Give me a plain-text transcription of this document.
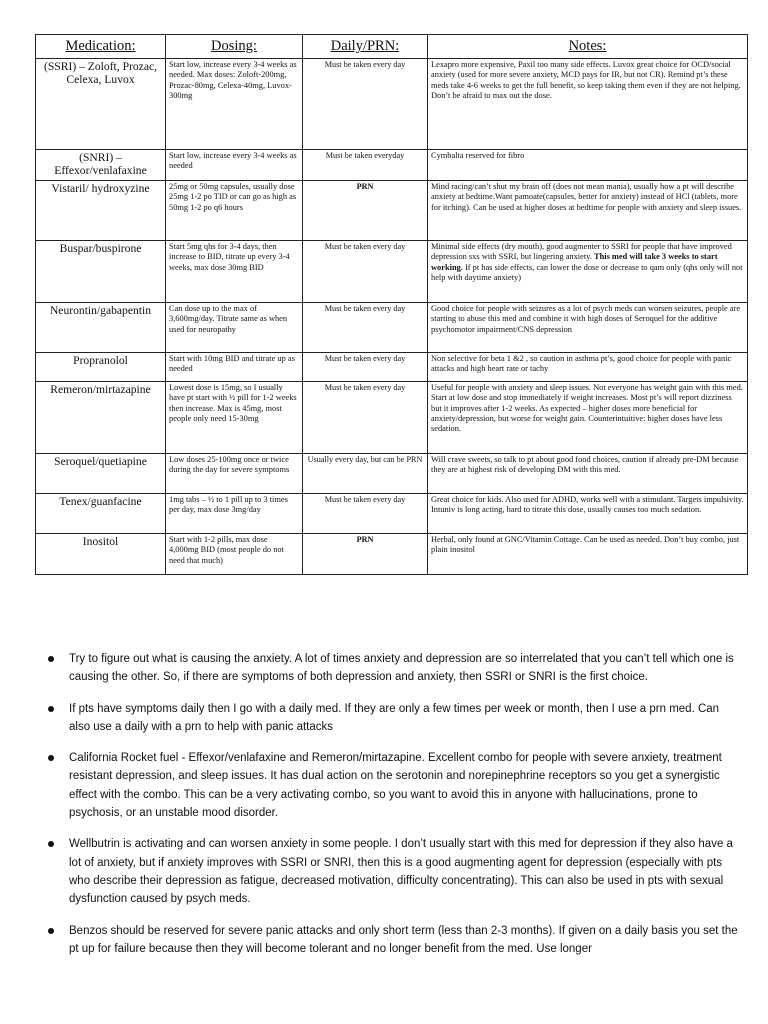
Medication:	Dosing:	Daily/PRN:	Notes:
(SSRI) – Zoloft, Prozac, Celexa, Luvox	Start low, increase every 3-4 weeks as needed. Max doses: Zoloft-200mg, Prozac-80mg, Celexa-40mg, Luvox-300mg	Must be taken every day	Lexapro more expensive, Paxil too many side effects. Luvox great choice for OCD/social anxiety (used for more severe anxiety, MCD pays for IR, but not CR). Remind pt’s these meds take 4-6 weeks to get the full benefit, so keep taking them even if they are not helping. Don’t be afraid to max out the dose.
(SNRI) – Effexor/venlafaxine	Start low, increase every 3-4 weeks as needed	Must be taken everyday	Cymbalta reserved for fibro
Vistaril/ hydroxyzine	25mg or 50mg capsules, usually dose 25mg 1-2 po TID or can go as high as 50mg 1-2 po q6 hours	PRN	Mind racing/can’t shut my brain off (does not mean mania), usually how a pt will describe anxiety at bedtime.Want pamoate(capsules, better for anxiety) instead of HCl (tablets, more for itching). Can be used at higher doses at bedtime for people with anxiety and sleep issues.
Buspar/buspirone	Start 5mg qhs for 3-4 days, then increase to BID, titrate up every 3-4 weeks, max dose 30mg BID	Must be taken every day	Minimal side effects (dry mouth), good augmenter to SSRI for people that have improved depression sxs with SSRI, but lingering anxiety. This med will take 3 weeks to start working. If pt has side effects, can lower the dose or decrease to qam only (qhs only will not help with daytime anxiety)
Neurontin/gabapentin	Can dose up to the max of 3,600mg/day. Titrate same as when used for neuropathy	Must be taken every day	Good choice for people with seizures as a lot of psych meds can worsen seizures, people are starting to abuse this med and combine it with high doses of Seroquel for the additive psychomotor impairment/CNS depression
Propranolol	Start with 10mg BID and titrate up as needed	Must be taken every day	Non selective for beta 1 &2 , so caution in asthma pt’s, good choice for people with panic attacks and high heart rate or tachy
Remeron/mirtazapine	Lowest dose is 15mg, so I usually have pt start with ½ pill for 1-2 weeks then increase. Max is 45mg, most people only need 15-30mg	Must be taken every day	Useful for people with anxiety and sleep issues. Not everyone has weight gain with this med. Start at low dose and stop immediately if weight increases. Most pt’s will report dizziness but it improves after 1-2 weeks. As expected – higher doses more beneficial for anxiety/depression, but worse for weight gain. Counterintuitive: higher doses have less sedation.
Seroquel/quetiapine	Low doses 25-100mg once or twice during the day for severe symptoms	Usually every day, but can be PRN	Will crave sweets, so talk to pt about good food choices, caution if already pre-DM because they are at highest risk of developing DM with this med.
Tenex/guanfacine	1mg tabs – ½ to 1 pill up to 3 times per day, max dose 3mg/day	Must be taken every day	Great choice for kids. Also used for ADHD, works well with a stimulant. Targets impulsivity. Intuniv is long acting, hard to titrate this dose, usually causes too much sedation.
Inositol	Start with 1-2 pills, max dose 4,000mg BID (most people do not need that much)	PRN	Herbal, only found at GNC/Vitamin Cottage. Can be used as needed. Don’t buy combo, just plain inositol
Try to figure out what is causing the anxiety. A lot of times anxiety and depression are so interrelated that you can’t tell which one is causing the other. So, if there are symptoms of both depression and anxiety, then SSRI or SNRI is the first choice.
If pts have symptoms daily then I go with a daily med. If they are only a few times per week or month, then I use a prn med. Can also use a daily with a prn to help with panic attacks
California Rocket fuel - Effexor/venlafaxine and Remeron/mirtazapine. Excellent combo for people with severe anxiety, treatment resistant depression, and sleep issues. It has dual action on the serotonin and norepinephrine receptors so you get a synergistic effect with the combo. This can be a very activating combo, so you want to avoid this in anyone with hallucinations, prone to psychosis, or an unstable mood disorder.
Wellbutrin is activating and can worsen anxiety in some people. I don’t usually start with this med for depression if they also have a lot of anxiety, but if anxiety improves with SSRI or SNRI, then this is a good augmenting agent for depression (especially with pts who describe their depression as fatigue, decreased motivation, difficulty concentrating). This can also be used in pts with sexual dysfunction caused by psych meds.
Benzos should be reserved for severe panic attacks and only short term (less than 2-3 months). If given on a daily basis you set the pt up for failure because then they will become tolerant and no longer benefit from the med. Use longer
